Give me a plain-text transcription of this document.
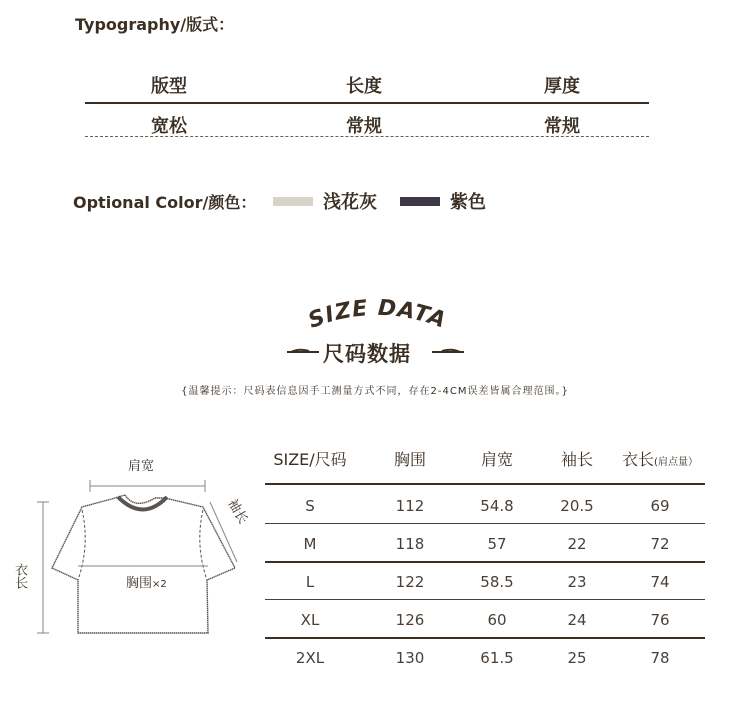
Typography/版式：
版型	长度	厚度
宽松	常规	常规
Optional Color/颜色：	浅花灰	紫色
SIZE DATA
尺码数据
{温馨提示：尺码表信息因手工测量方式不同，存在2-4CM误差皆属合理范围。}
肩宽
袖长
衣长	胸围×2
SIZE/尺码	胸围	肩宽	袖长	衣长(肩点量）
S	112	54.8	20.5	69
M	118	57	22	72
L	122	58.5	23	74
XL	126	60	24	76
2XL	130	61.5	25	78
